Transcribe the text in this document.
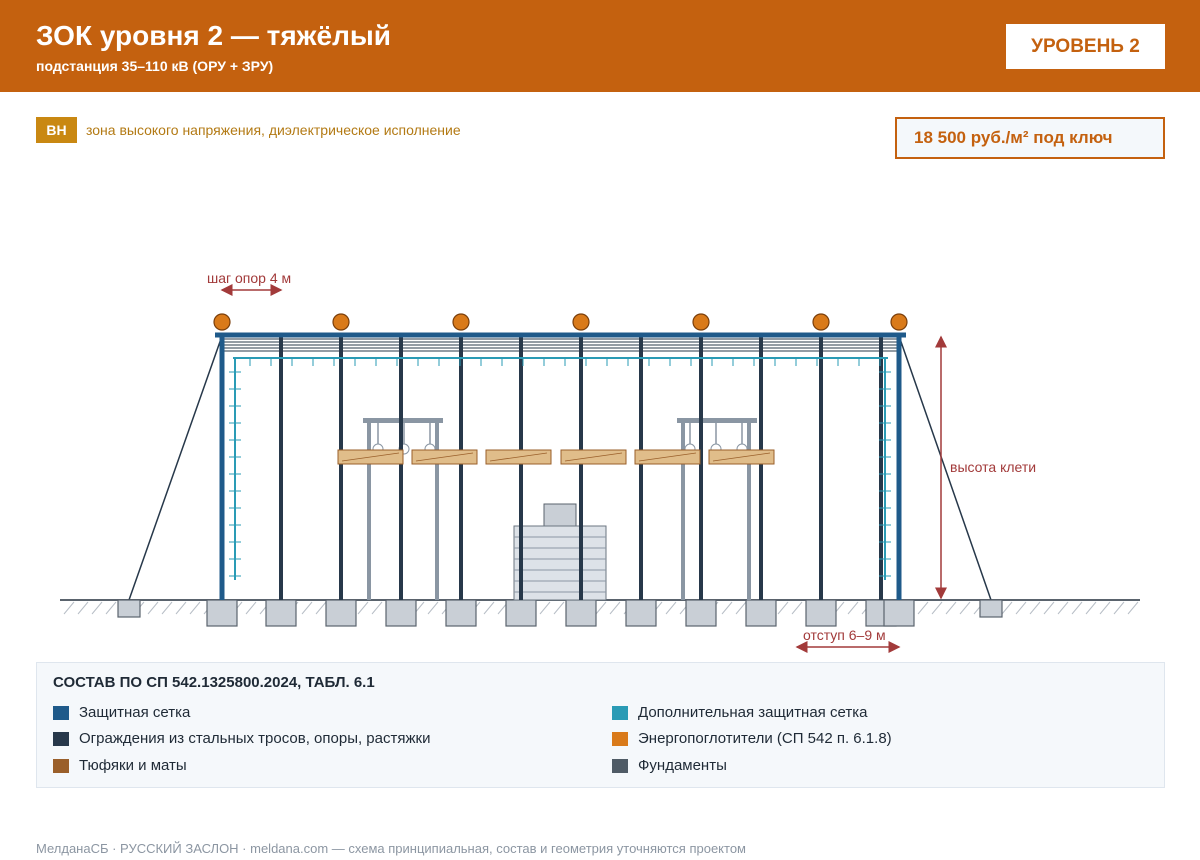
ЗОК уровня 2 — тяжёлый
подстанция 35–110 кВ (ОРУ + ЗРУ)
УРОВЕНЬ 2
ВН	зона высокого напряжения, диэлектрическое исполнение	18 500 руб./м² под ключ
шаг опор 4 м
высота клети
отступ 6–9 м
СОСТАВ ПО СП 542.1325800.2024, ТАБЛ. 6.1
Защитная сетка
Ограждения из стальных тросов, опоры, растяжки
Тюфяки и маты
Дополнительная защитная сетка
Энергопоглотители (СП 542 п. 6.1.8)
Фундаменты
МелданаСБ · РУССКИЙ ЗАСЛОН · meldana.com — схема принципиальная, состав и геометрия уточняются проектом
